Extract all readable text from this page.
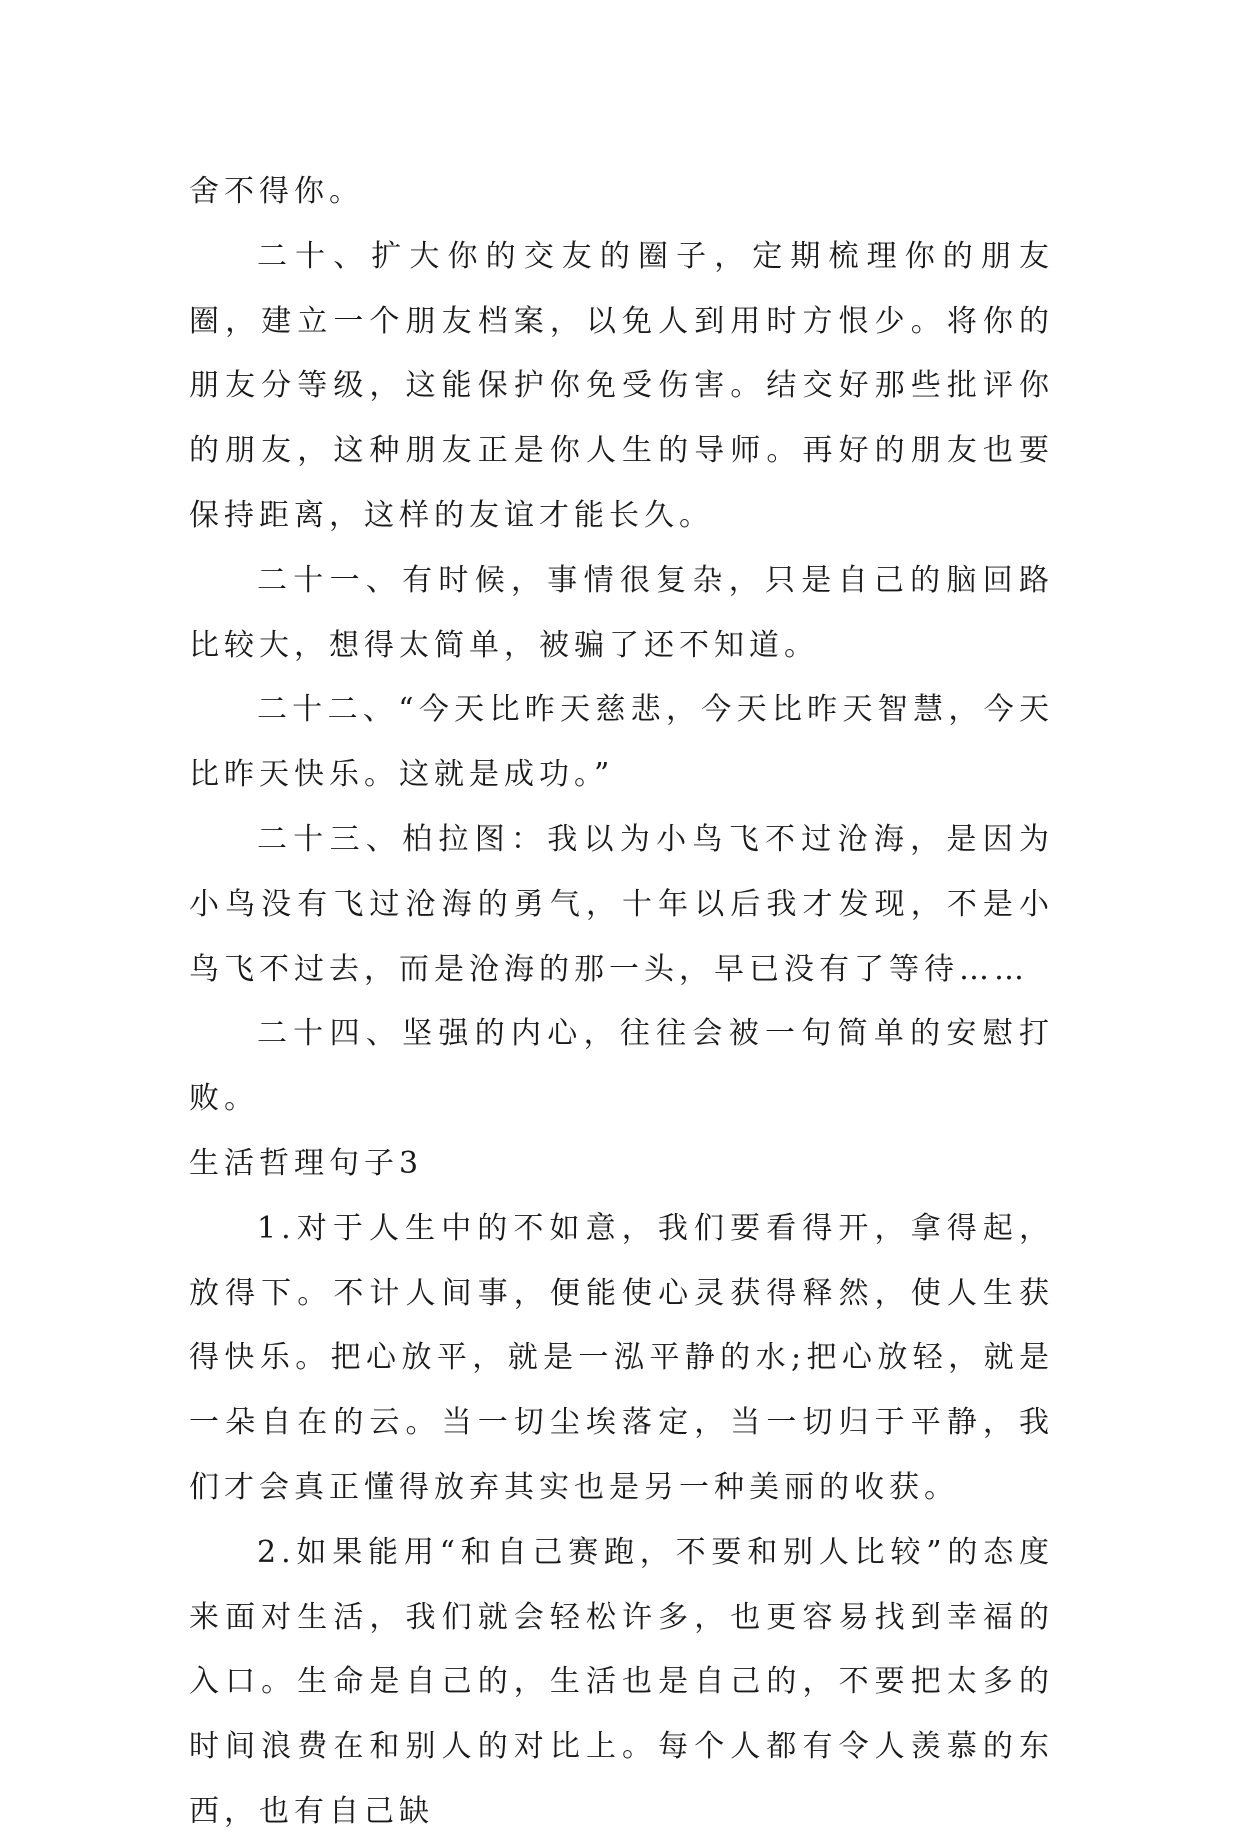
舍不得你。

二十、扩大你的交友的圈子，定期梳理你的朋友圈，建立一个朋友档案，以免人到用时方恨少。将你的朋友分等级，这能保护你免受伤害。结交好那些批评你的朋友，这种朋友正是你人生的导师。再好的朋友也要保持距离，这样的友谊才能长久。

二十一、有时候，事情很复杂，只是自己的脑回路比较大，想得太简单，被骗了还不知道。

二十二、“今天比昨天慈悲，今天比昨天智慧，今天比昨天快乐。这就是成功。”

二十三、柏拉图：我以为小鸟飞不过沧海，是因为小鸟没有飞过沧海的勇气，十年以后我才发现，不是小鸟飞不过去，而是沧海的那一头，早已没有了等待……

二十四、坚强的内心，往往会被一句简单的安慰打败。

生活哲理句子3

1.对于人生中的不如意，我们要看得开，拿得起，放得下。不计人间事，便能使心灵获得释然，使人生获得快乐。把心放平，就是一泓平静的水;把心放轻，就是一朵自在的云。当一切尘埃落定，当一切归于平静，我们才会真正懂得放弃其实也是另一种美丽的收获。

2.如果能用“和自己赛跑，不要和别人比较”的态度来面对生活，我们就会轻松许多，也更容易找到幸福的入口。生命是自己的，生活也是自己的，不要把太多的时间浪费在和别人的对比上。每个人都有令人羡慕的东西，也有自己缺
